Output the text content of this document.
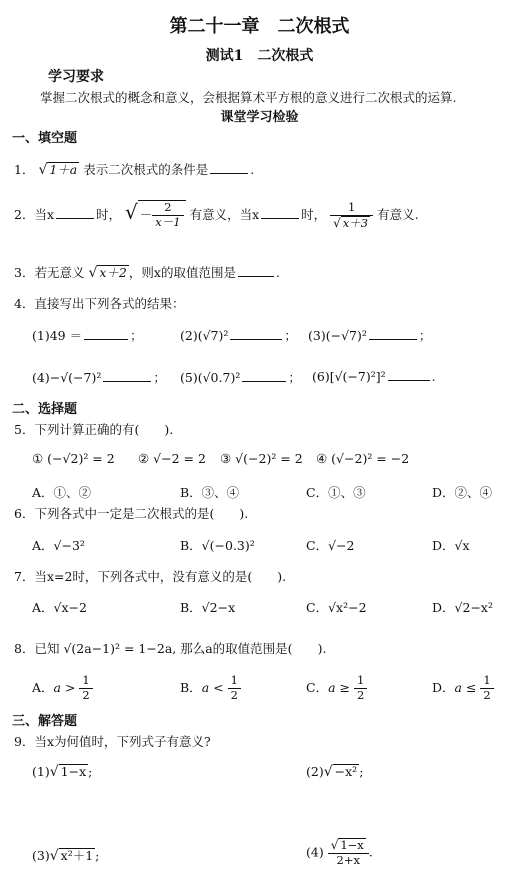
第二十一章　二次根式
测试1　二次根式
学习要求
掌握二次根式的概念和意义，会根据算术平方根的意义进行二次根式的运算.
课堂学习检验
一、填空题
1． √ 1＋a 表示二次根式的条件是	.
2．当x	时， √ － $\frac{2}{x-1}$ 有意义，当x	时， $\frac{1}{√ x+3}$ 有意义.
3．若无意义 √ x＋2 ，则x的取值范围是	.
4．直接写出下列各式的结果：
(1)49 ＝	；	(2)(√7)²	； (3)(−√7)²	；
(4)−√(−7)²	； (5)(√0.7)²	； (6)[√(−7)²]²	.
二、选择题
5．下列计算正确的有(　　).
① (−√2)² = 2 ② √−2 = 2 ③ √(−2)² = 2 ④ (√−2)² = −2
A．①、②	B．③、④	C．①、③	D．②、④
6．下列各式中一定是二次根式的是(　　).
A．√−3²	B．√(−0.3)²	C．√−2	D．√x
7．当x=2时，下列各式中，没有意义的是(　　).
A．√x−2	B．√2−x	C．√x²−2	D．√2−x²
8．已知 √(2a−1)² = 1−2a, 那么a的取值范围是(　　).
A．$a > \frac{1}{2}$	B．$a < \frac{1}{2}$	C．$a \ge \frac{1}{2}$	D．$a \le \frac{1}{2}$
三、解答题
9．当x为何值时，下列式子有意义?
(1)√ 1−x ;	(2)√ −x² ;
(3)√ x²＋1 ;	$(4) \frac{√ 1-x}{2+x}$ .
